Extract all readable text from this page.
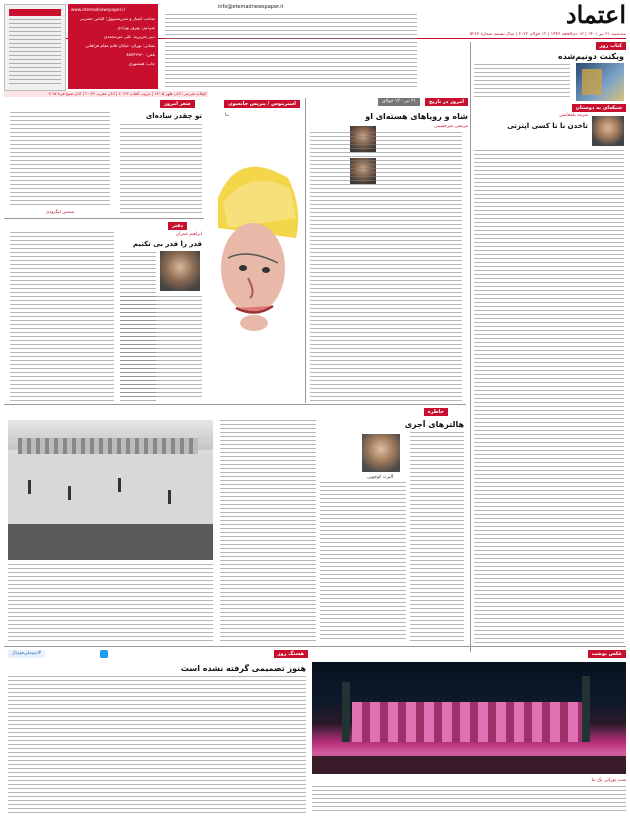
اعتماد
info@etemadnewspaper.ir
سه‌شنبه ۲۱ تیر ۱۴۰۱ | ۱۳ ذی‌الحجه ۱۴۴۳ | ۱۲ جولای ۲۰۲۲ | سال بیستم شماره ۵۲۶۳
www.etemadnewspaper.ir
صاحب امتیاز و مدیرمسوول: الیاس حضرتی
سردبیر: بهروز بهزادی
دبیر تحریریه: علی میرمحمدی
نشانی: تهران، خیابان قائم مقام فراهانی
تلفن: ۸۸۷۲۳۹۶۰
چاپ: همشهری
اوقات شرعی: اذان ظهر ۱۳:۰۵ | غروب آفتاب ۲۰:۲۳ | اذان مغرب ۲۰:۴۲ | اذان صبح فردا ۴:۱۵
کتاب روز
ویکنت دونیم‌شده
شبکه‌ای به دوستان
تاخدن نا تا کسی اپتزتی
شرمه بلمحاسی
امروز در تاریخ
۲۱ تیر - ۱۲ جولای
شاه و رویاهای هسته‌ای او
مرتضی میرحسینی
استرموس / پتریس جانسون
بنا
شعر امروز
تو چقدر ساده‌ای
شمس لنگرودی
دفتر
ابراهیم عمران
قدر را قدر بی تکنیم
خاطره
هالترهای آجری
آلبرت کوچویی
هشتگ روز
هنوز تصمیمی گرفته نشده است
#تیم‌ملی‌فوتبال	عکس نوشت
شب نورانی یک بنا
